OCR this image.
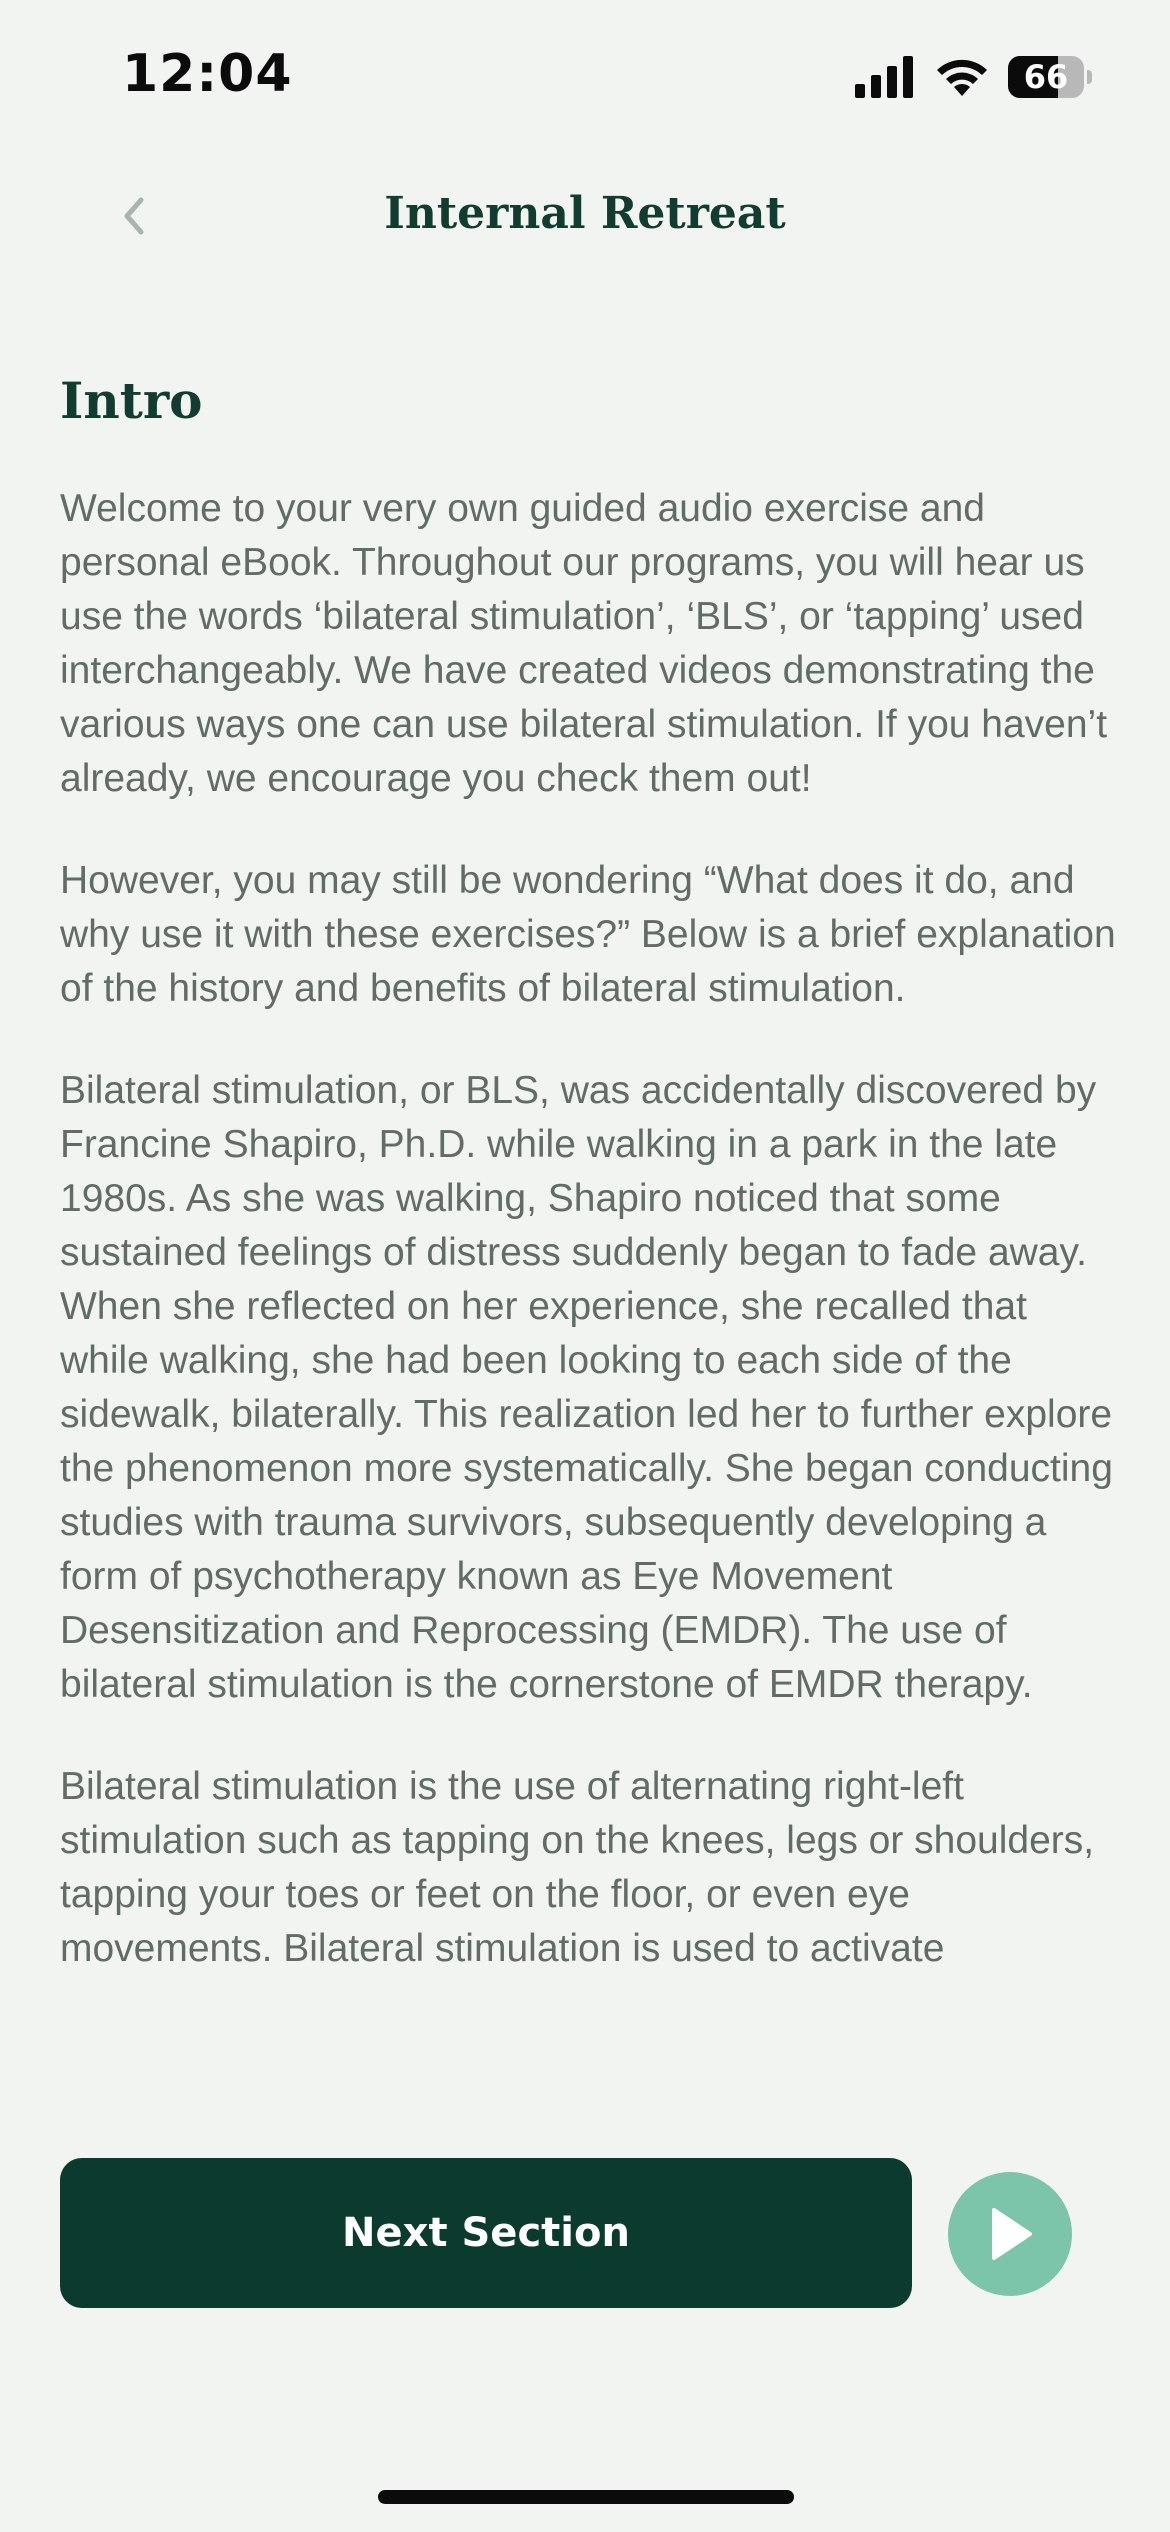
12:04	66
Internal Retreat
Intro

Welcome to your very own guided audio exercise and personal eBook. Throughout our programs, you will hear us use the words ‘bilateral stimulation’, ‘BLS’, or ‘tapping’ used interchangeably. We have created videos demonstrating the various ways one can use bilateral stimulation. If you haven’t already, we encourage you check them out!

However, you may still be wondering “What does it do, and why use it with these exercises?” Below is a brief explanation of the history and benefits of bilateral stimulation.

Bilateral stimulation, or BLS, was accidentally discovered by Francine Shapiro, Ph.D. while walking in a park in the late 1980s. As she was walking, Shapiro noticed that some sustained feelings of distress suddenly began to fade away. When she reflected on her experience, she recalled that while walking, she had been looking to each side of the sidewalk, bilaterally. This realization led her to further explore the phenomenon more systematically. She began conducting studies with trauma survivors, subsequently developing a form of psychotherapy known as Eye Movement Desensitization and Reprocessing (EMDR). The use of bilateral stimulation is the cornerstone of EMDR therapy.

Bilateral stimulation is the use of alternating right-left stimulation such as tapping on the knees, legs or shoulders, tapping your toes or feet on the floor, or even eye movements. Bilateral stimulation is used to activate

Next Section
